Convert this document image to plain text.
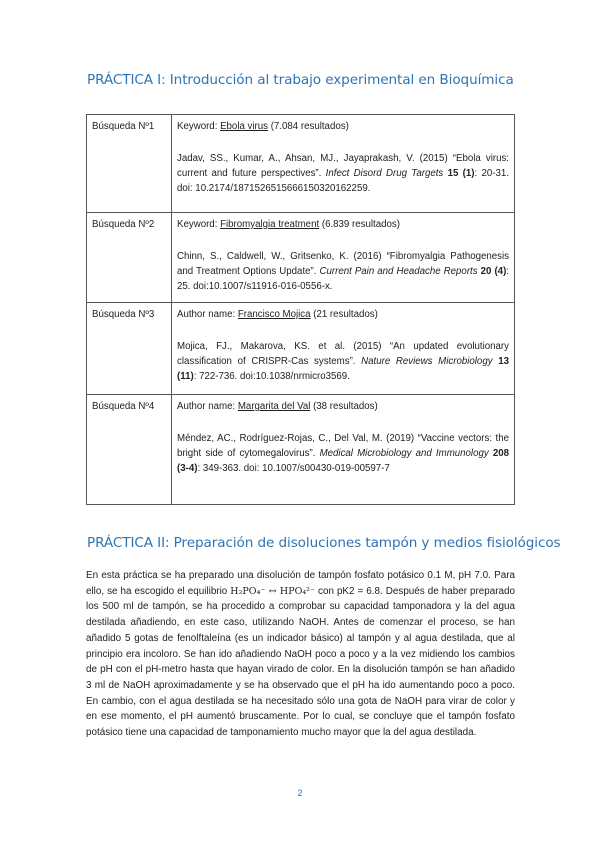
PRÁCTICA I: Introducción al trabajo experimental en Bioquímica
Búsqueda Nº1	Keyword: Ebola virus (7.084 resultados)

Jadav, SS., Kumar, A., Ahsan, MJ., Jayaprakash, V. (2015) “Ebola virus: current and future perspectives”. Infect Disord Drug Targets 15 (1): 20-31. doi: 10.2174/1871526515666150320162259.

Búsqueda Nº2	Keyword: Fibromyalgia treatment (6.839 resultados)

Chinn, S., Caldwell, W., Gritsenko, K. (2016) “Fibromyalgia Pathogenesis and Treatment Options Update”. Current Pain and Headache Reports 20 (4): 25. doi:10.1007/s11916-016-0556-x.

Búsqueda Nº3	Author name: Francisco Mojica (21 resultados)

Mojica, FJ., Makarova, KS. et al. (2015) “An updated evolutionary classification of CRISPR-Cas systems”. Nature Reviews Microbiology 13 (11): 722-736. doi:10.1038/nrmicro3569.

Búsqueda Nº4	Author name: Margarita del Val (38 resultados)

Méndez, AC., Rodríguez-Rojas, C., Del Val, M. (2019) “Vaccine vectors: the bright side of cytomegalovirus”. Medical Microbiology and Immunology 208 (3-4): 349-363. doi: 10.1007/s00430-019-00597-7

PRÁCTICA II: Preparación de disoluciones tampón y medios fisiológicos

En esta práctica se ha preparado una disolución de tampón fosfato potásico 0.1 M, pH 7.0. Para ello, se ha escogido el equilibrio H₂PO₄⁻ ↔ HPO₄²⁻ con pK2 = 6.8. Después de haber preparado los 500 ml de tampón, se ha procedido a comprobar su capacidad tamponadora y la del agua destilada añadiendo, en este caso, utilizando NaOH. Antes de comenzar el proceso, se han añadido 5 gotas de fenolftaleína (es un indicador básico) al tampón y al agua destilada, que al principio era incoloro. Se han ido añadiendo NaOH poco a poco y a la vez midiendo los cambios de pH con el pH-metro hasta que hayan virado de color. En la disolución tampón se han añadido 3 ml de NaOH aproximadamente y se ha observado que el pH ha ido aumentando poco a poco. En cambio, con el agua destilada se ha necesitado sólo una gota de NaOH para virar de color y en ese momento, el pH aumentó bruscamente. Por lo cual, se concluye que el tampón fosfato potásico tiene una capacidad de tamponamiento mucho mayor que la del agua destilada.

2
